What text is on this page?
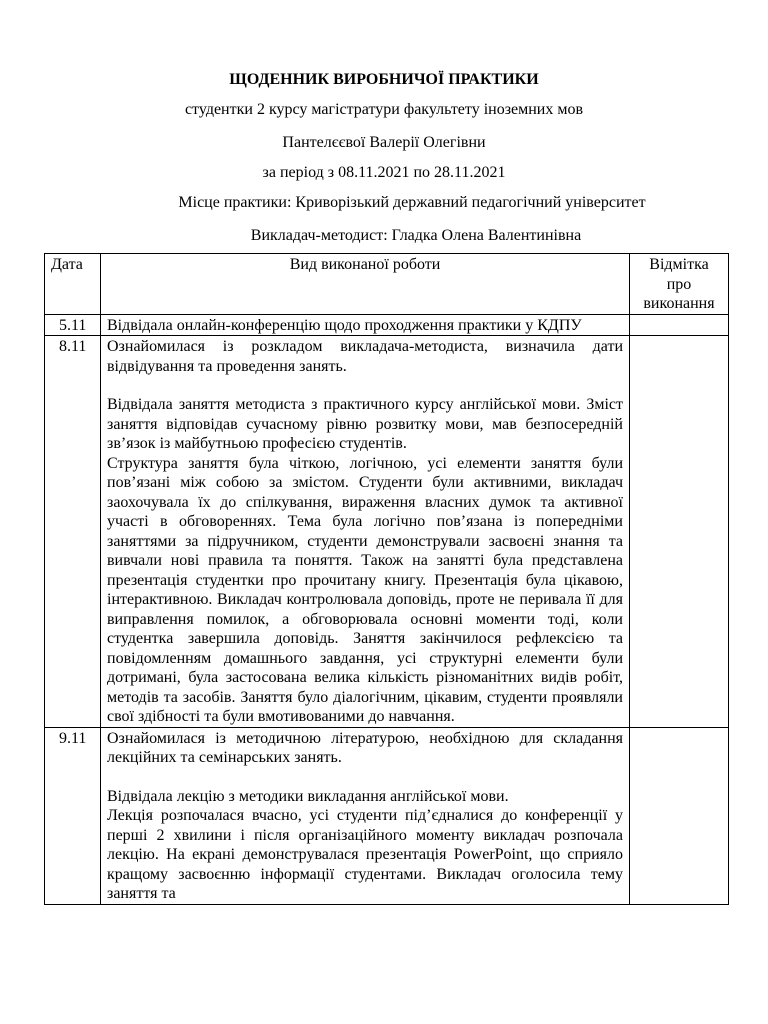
ЩОДЕННИК ВИРОБНИЧОЇ ПРАКТИКИ
студентки 2 курсу магістратури факультету іноземних мов
Пантелєєвої Валерії Олегівни
за період з 08.11.2021 по 28.11.2021
Місце практики: Криворізький державний педагогічний університет
Викладач-методист: Гладка Олена Валентинівна
Дата	Вид виконаної роботи	Відмітка про виконання
5.11	Відвідала онлайн-конференцію щодо проходження практики у КДПУ	

8.11	Ознайомилася із розкладом викладача-методиста, визначила дати відвідування та проведення занять.

Відвідала заняття методиста з практичного курсу англійської мови. Зміст заняття відповідав сучасному рівню розвитку мови, мав безпосередній зв’язок із майбутньою професією студентів.

Структура заняття була чіткою, логічною, усі елементи заняття були пов’язані між собою за змістом. Студенти були активними, викладач заохочувала їх до спілкування, вираження власних думок та активної участі в обговореннях. Тема була логічно пов’язана із попередніми заняттями за підручником, студенти демонстрували засвоєні знання та вивчали нові правила та поняття. Також на занятті була представлена презентація студентки про прочитану книгу. Презентація була цікавою, інтерактивною. Викладач контролювала доповідь, проте не перивала її для виправлення помилок, а обговорювала основні моменти тоді, коли студентка завершила доповідь. Заняття закінчилося рефлексією та повідомленням домашнього завдання, усі структурні елементи були дотримані, була застосована велика кількість різноманітних видів робіт, методів та засобів. Заняття було діалогічним, цікавим, студенти проявляли свої здібності та були вмотивованими до навчання.	

9.11	Ознайомилася із методичною літературою, необхідною для складання лекційних та семінарських занять.

Відвідала лекцію з методики викладання англійської мови.

Лекція розпочалася вчасно, усі студенти під’єдналися до конференції у перші 2 хвилини і після організаційного моменту викладач розпочала лекцію. На екрані демонструвалася презентація PowerPoint, що сприяло кращому засвоєнню інформації студентами. Викладач оголосила тему заняття та	
